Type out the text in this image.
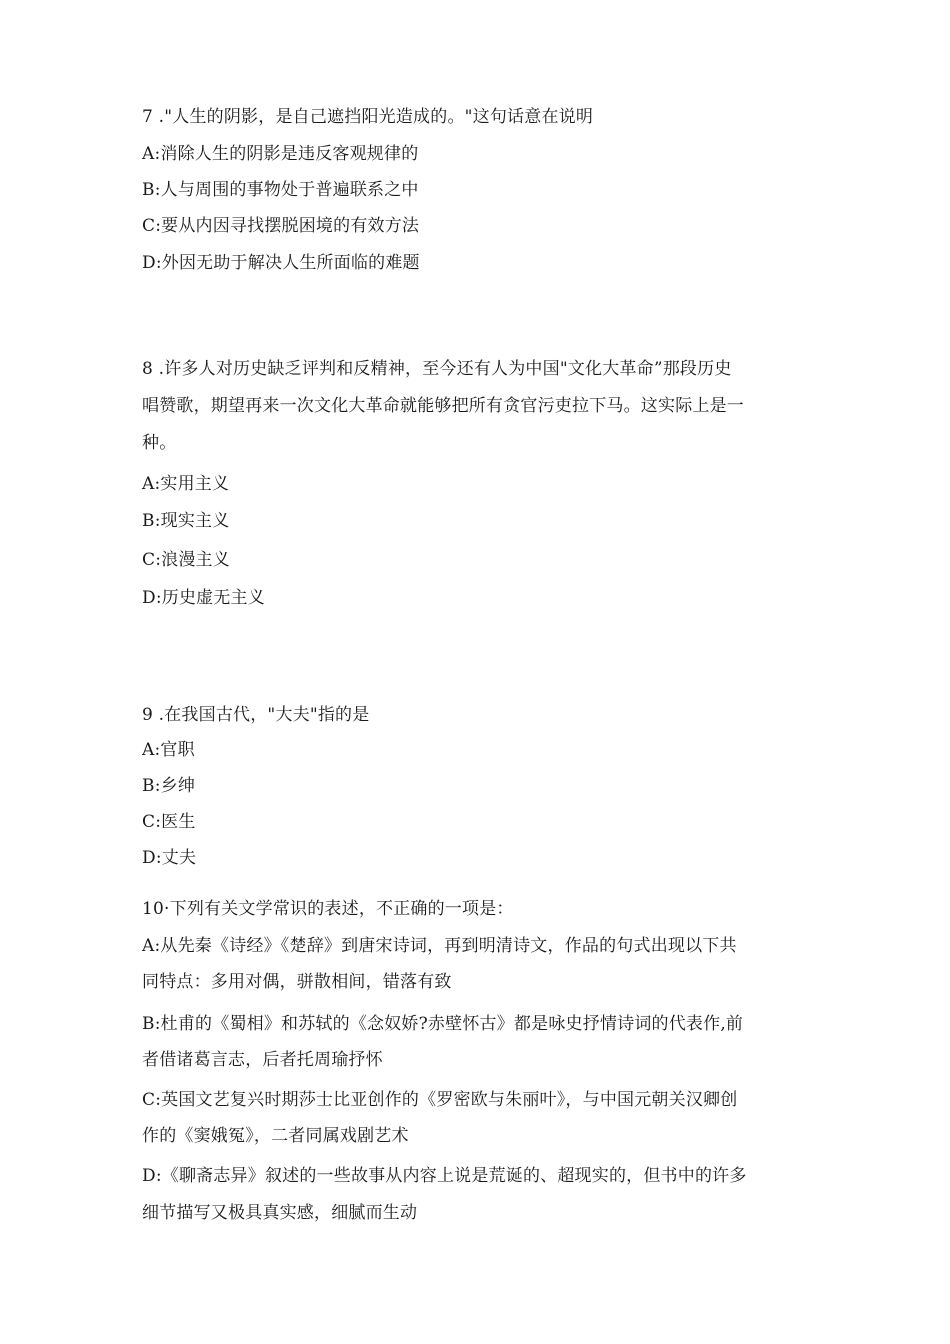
7 ."人生的阴影，是自己遮挡阳光造成的。"这句话意在说明
A:消除人生的阴影是违反客观规律的
B:人与周围的事物处于普遍联系之中
C:要从内因寻找摆脱困境的有效方法
D:外因无助于解决人生所面临的难题
8 .许多人对历史缺乏评判和反精神，至今还有人为中国"文化大革命”那段历史
唱赞歌，期望再来一次文化大革命就能够把所有贪官污吏拉下马。这实际上是一
种。
A:实用主义
B:现实主义
C:浪漫主义
D:历史虚无主义
9 .在我国古代，"大夫"指的是
A:官职
B:乡绅
C:医生
D:丈夫
10·下列有关文学常识的表述，不正确的一项是：
A:从先秦《诗经》《楚辞》到唐宋诗词，再到明清诗文，作品的句式出现以下共
同特点：多用对偶，骈散相间，错落有致
B:杜甫的《蜀相》和苏轼的《念奴娇?赤壁怀古》都是咏史抒情诗词的代表作,前
者借诸葛言志，后者托周瑜抒怀
C:英国文艺复兴时期莎士比亚创作的《罗密欧与朱丽叶》，与中国元朝关汉卿创
作的《窦娥冤》，二者同属戏剧艺术
D:《聊斋志异》叙述的一些故事从内容上说是荒诞的、超现实的，但书中的许多
细节描写又极具真实感，细腻而生动
